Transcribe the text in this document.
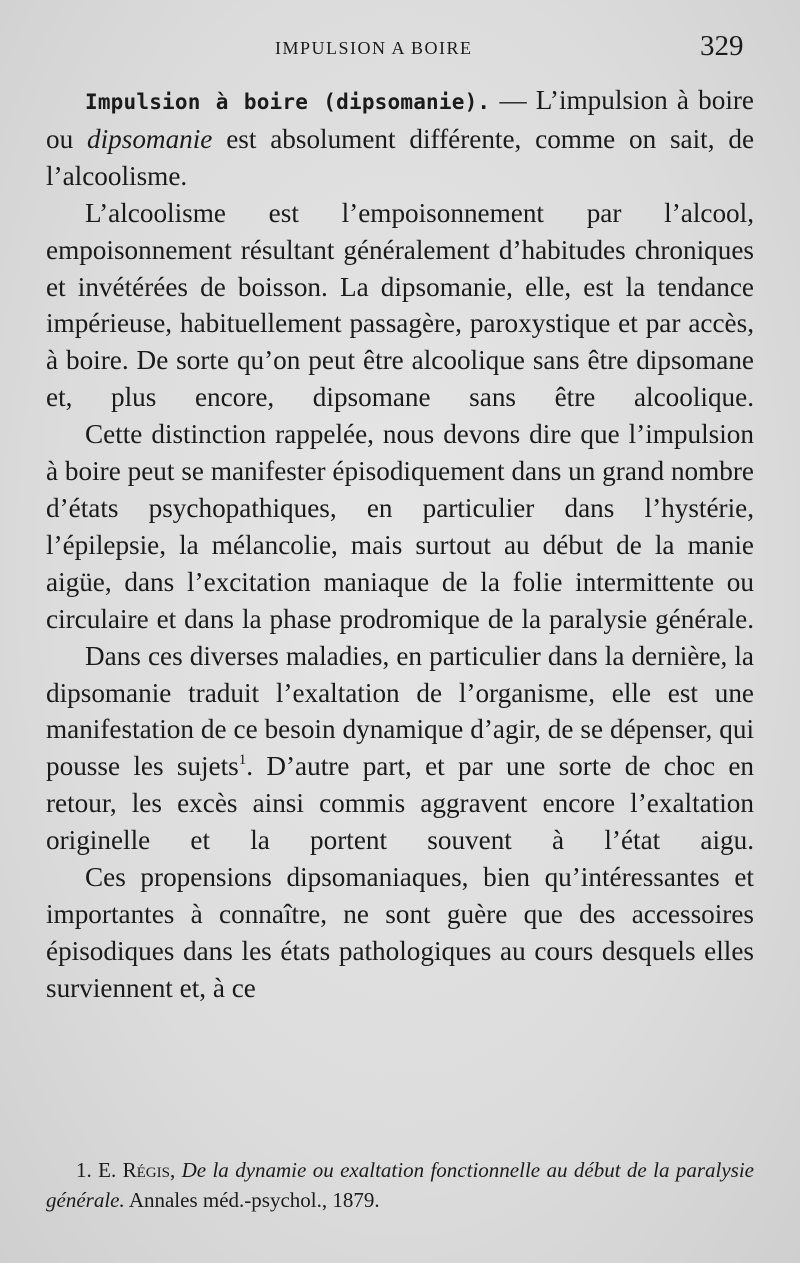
IMPULSION A BOIRE	329

Impulsion à boire (dipsomanie). — L’impulsion à boire ou dipsomanie est absolument différente, comme on sait, de l’alcoolisme.

L’alcoolisme est l’empoisonnement par l’alcool, empoisonnement résultant généralement d’habitudes chroniques et invétérées de boisson. La dipsomanie, elle, est la tendance impérieuse, habituellement passagère, paroxystique et par accès, à boire. De sorte qu’on peut être alcoolique sans être dipsomane et, plus encore, dipsomane sans être alcoolique.

Cette distinction rappelée, nous devons dire que l’impulsion à boire peut se manifester épisodiquement dans un grand nombre d’états psychopathiques, en particulier dans l’hystérie, l’épilepsie, la mélancolie, mais surtout au début de la manie aigüe, dans l’excitation maniaque de la folie intermittente ou circulaire et dans la phase prodromique de la paralysie générale.

Dans ces diverses maladies, en particulier dans la dernière, la dipsomanie traduit l’exaltation de l’organisme, elle est une manifestation de ce besoin dynamique d’agir, de se dépenser, qui pousse les sujets$^1$. D’autre part, et par une sorte de choc en retour, les excès ainsi commis aggravent encore l’exaltation originelle et la portent souvent à l’état aigu.

Ces propensions dipsomaniaques, bien qu’intéressantes et importantes à connaître, ne sont guère que des accessoires épisodiques dans les états pathologiques au cours desquels elles surviennent et, à ce

1. E. Régis, De la dynamie ou exaltation fonctionnelle au début de la paralysie générale. Annales méd.-psychol., 1879.
